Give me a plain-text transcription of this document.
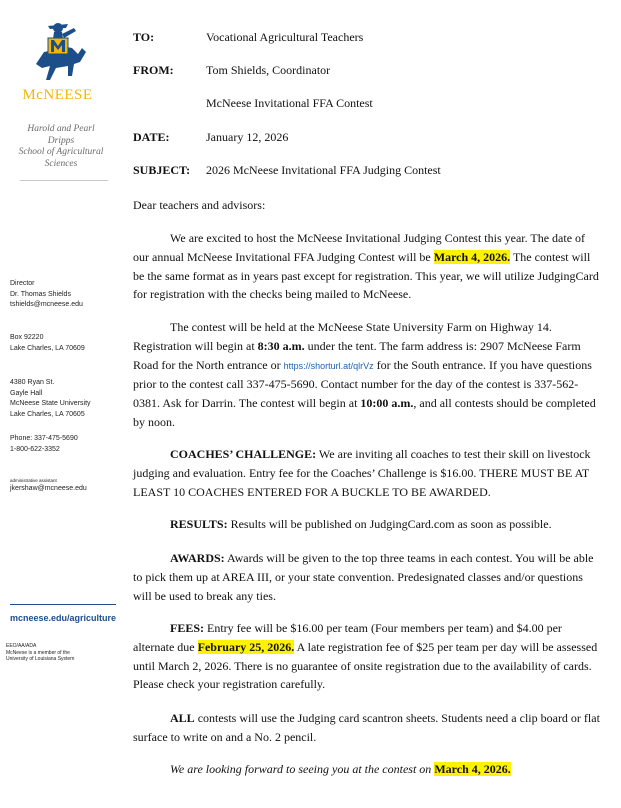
McNEESE
Harold and Pearl
Dripps
School of Agricultural
Sciences
Director
Dr. Thomas Shields
tshields@mcneese.edu
Box 92220
Lake Charles, LA 70609
4380 Ryan St.
Gayle Hall
McNeese State University
Lake Charles, LA 70605
Phone: 337-475-5690
1-800-622-3352
administrative assistant
jkershaw@mcneese.edu
mcneese.edu/agriculture
EEO/AA/ADA
McNeese is a member of the
University of Louisiana System
TO:	Vocational Agricultural Teachers
FROM:	Tom Shields, Coordinator
McNeese Invitational FFA Contest
DATE:	January 12, 2026
SUBJECT: 2026 McNeese Invitational FFA Judging Contest
Dear teachers and advisors:
We are excited to host the McNeese Invitational Judging Contest this year. The date of our annual McNeese Invitational FFA Judging Contest will be March 4, 2026. The contest will be the same format as in years past except for registration. This year, we will utilize JudgingCard for registration with the checks being mailed to McNeese.
The contest will be held at the McNeese State University Farm on Highway 14. Registration will begin at 8:30 a.m. under the tent. The farm address is: 2907 McNeese Farm Road for the North entrance or https://shorturl.at/qlrVz for the South entrance. If you have questions prior to the contest call 337-475-5690. Contact number for the day of the contest is 337-562-0381. Ask for Darrin. The contest will begin at 10:00 a.m., and all contests should be completed by noon.
COACHES’ CHALLENGE: We are inviting all coaches to test their skill on livestock judging and evaluation. Entry fee for the Coaches’ Challenge is $16.00. THERE MUST BE AT LEAST 10 COACHES ENTERED FOR A BUCKLE TO BE AWARDED.
RESULTS: Results will be published on JudgingCard.com as soon as possible.
AWARDS: Awards will be given to the top three teams in each contest. You will be able to pick them up at AREA III, or your state convention. Predesignated classes and/or questions will be used to break any ties.
FEES: Entry fee will be $16.00 per team (Four members per team) and $4.00 per alternate due February 25, 2026. A late registration fee of $25 per team per day will be assessed until March 2, 2026. There is no guarantee of onsite registration due to the availability of cards. Please check your registration carefully.
ALL contests will use the Judging card scantron sheets. Students need a clip board or flat surface to write on and a No. 2 pencil.
We are looking forward to seeing you at the contest on March 4, 2026.
